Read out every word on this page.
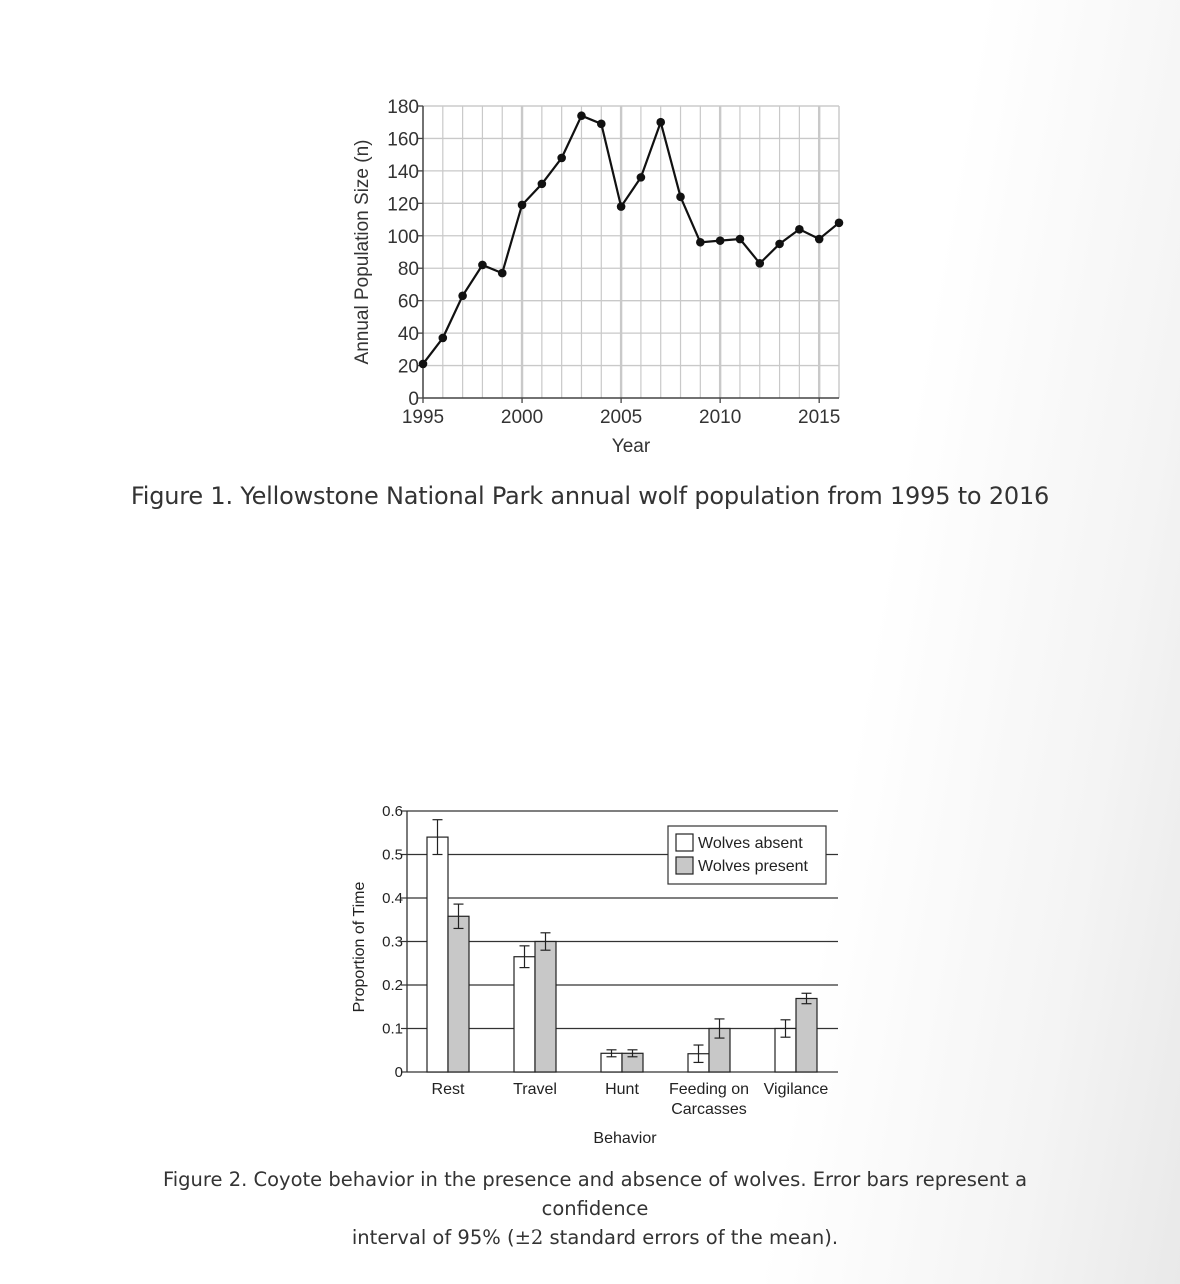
0
20
40
60
80
100
120
140
160
180
1995	2000	2005	2010	2015
Year
Annual Population Size (n)
0
0.1
0.2
0.3
0.4
0.5
0.6
Rest	Travel	Hunt Feeding on
Carcasses
Vigilance
Wolves absent
Wolves present
Behavior
Proportion of Time
Figure 1. Yellowstone National Park annual wolf population from 1995 to 2016
Figure 2. Coyote behavior in the presence and absence of wolves. Error bars represent a confidence
interval of 95% (±2 standard errors of the mean).
